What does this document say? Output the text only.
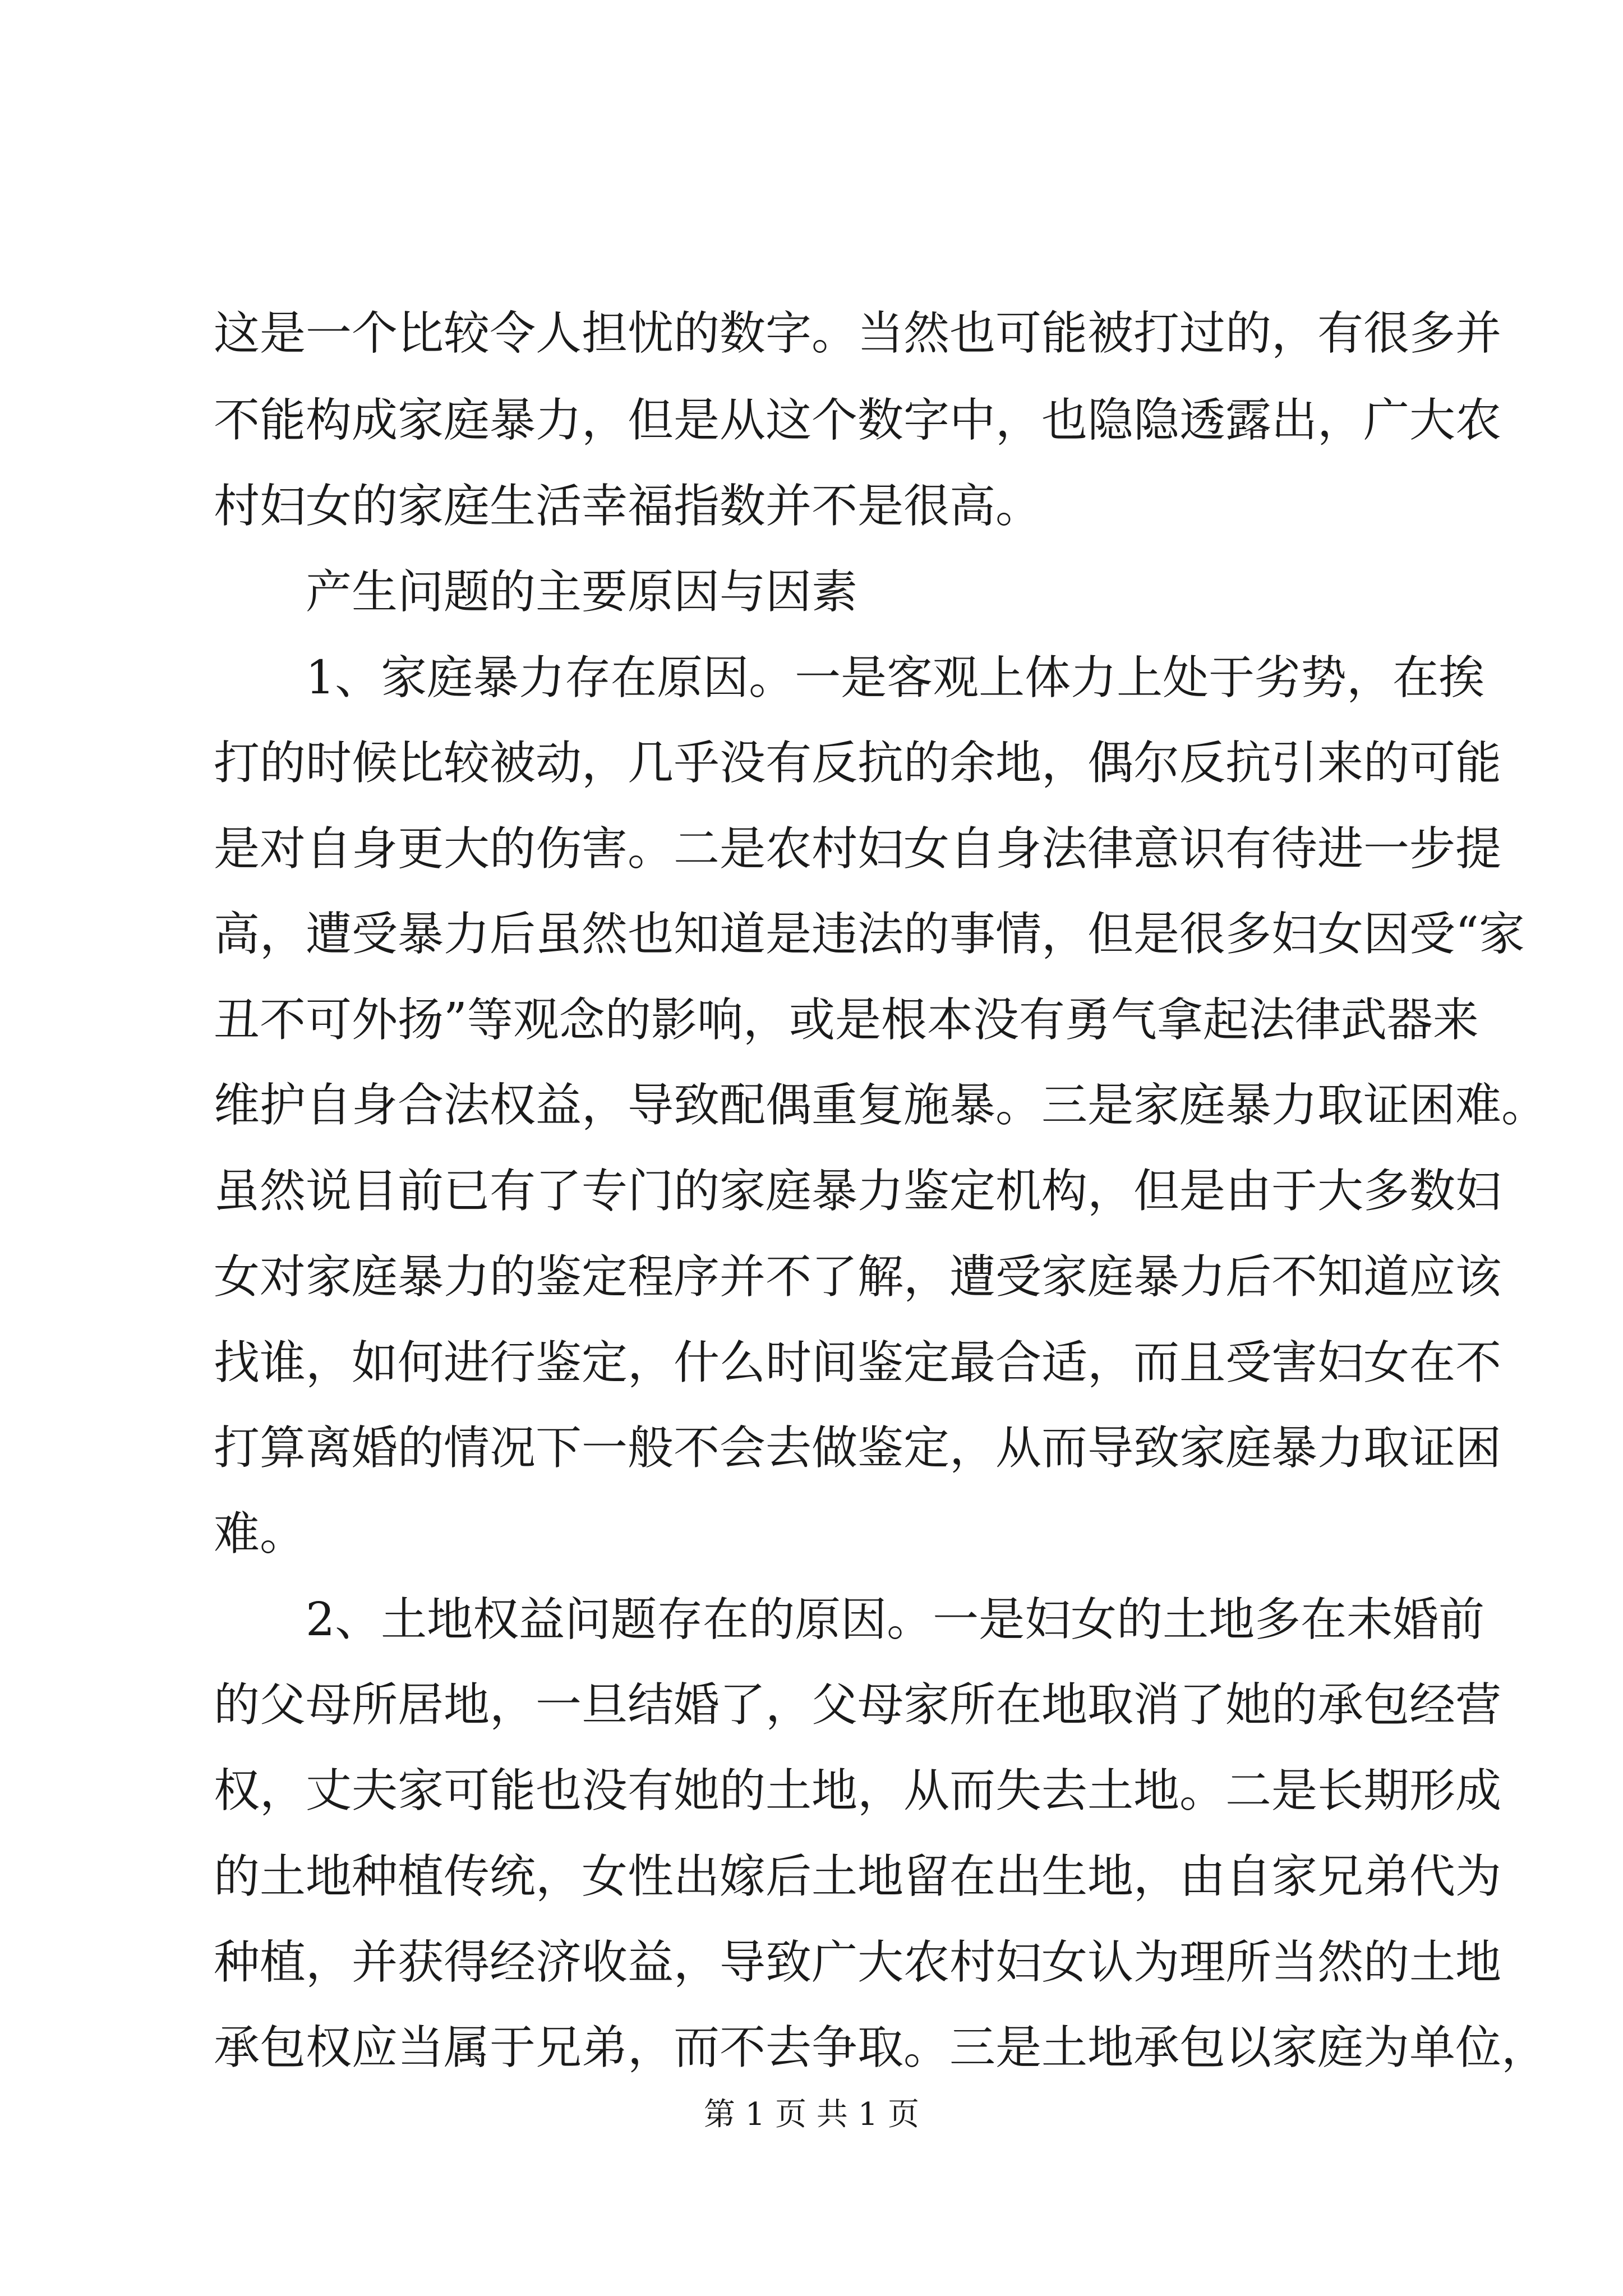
这是一个比较令人担忧的数字。当然也可能被打过的，有很多并
不能构成家庭暴力，但是从这个数字中，也隐隐透露出，广大农
村妇女的家庭生活幸福指数并不是很高。
产生问题的主要原因与因素
1、家庭暴力存在原因。一是客观上体力上处于劣势，在挨
打的时候比较被动，几乎没有反抗的余地，偶尔反抗引来的可能
是对自身更大的伤害。二是农村妇女自身法律意识有待进一步提
高，遭受暴力后虽然也知道是违法的事情，但是很多妇女因受“家
丑不可外扬”等观念的影响，或是根本没有勇气拿起法律武器来
维护自身合法权益，导致配偶重复施暴。三是家庭暴力取证困难。
虽然说目前已有了专门的家庭暴力鉴定机构，但是由于大多数妇
女对家庭暴力的鉴定程序并不了解，遭受家庭暴力后不知道应该
找谁，如何进行鉴定，什么时间鉴定最合适，而且受害妇女在不
打算离婚的情况下一般不会去做鉴定，从而导致家庭暴力取证困
难。
2、土地权益问题存在的原因。一是妇女的土地多在未婚前
的父母所居地，一旦结婚了，父母家所在地取消了她的承包经营
权，丈夫家可能也没有她的土地，从而失去土地。二是长期形成
的土地种植传统，女性出嫁后土地留在出生地，由自家兄弟代为
种植，并获得经济收益，导致广大农村妇女认为理所当然的土地
承包权应当属于兄弟，而不去争取。三是土地承包以家庭为单位，
第 1 页 共 1 页
